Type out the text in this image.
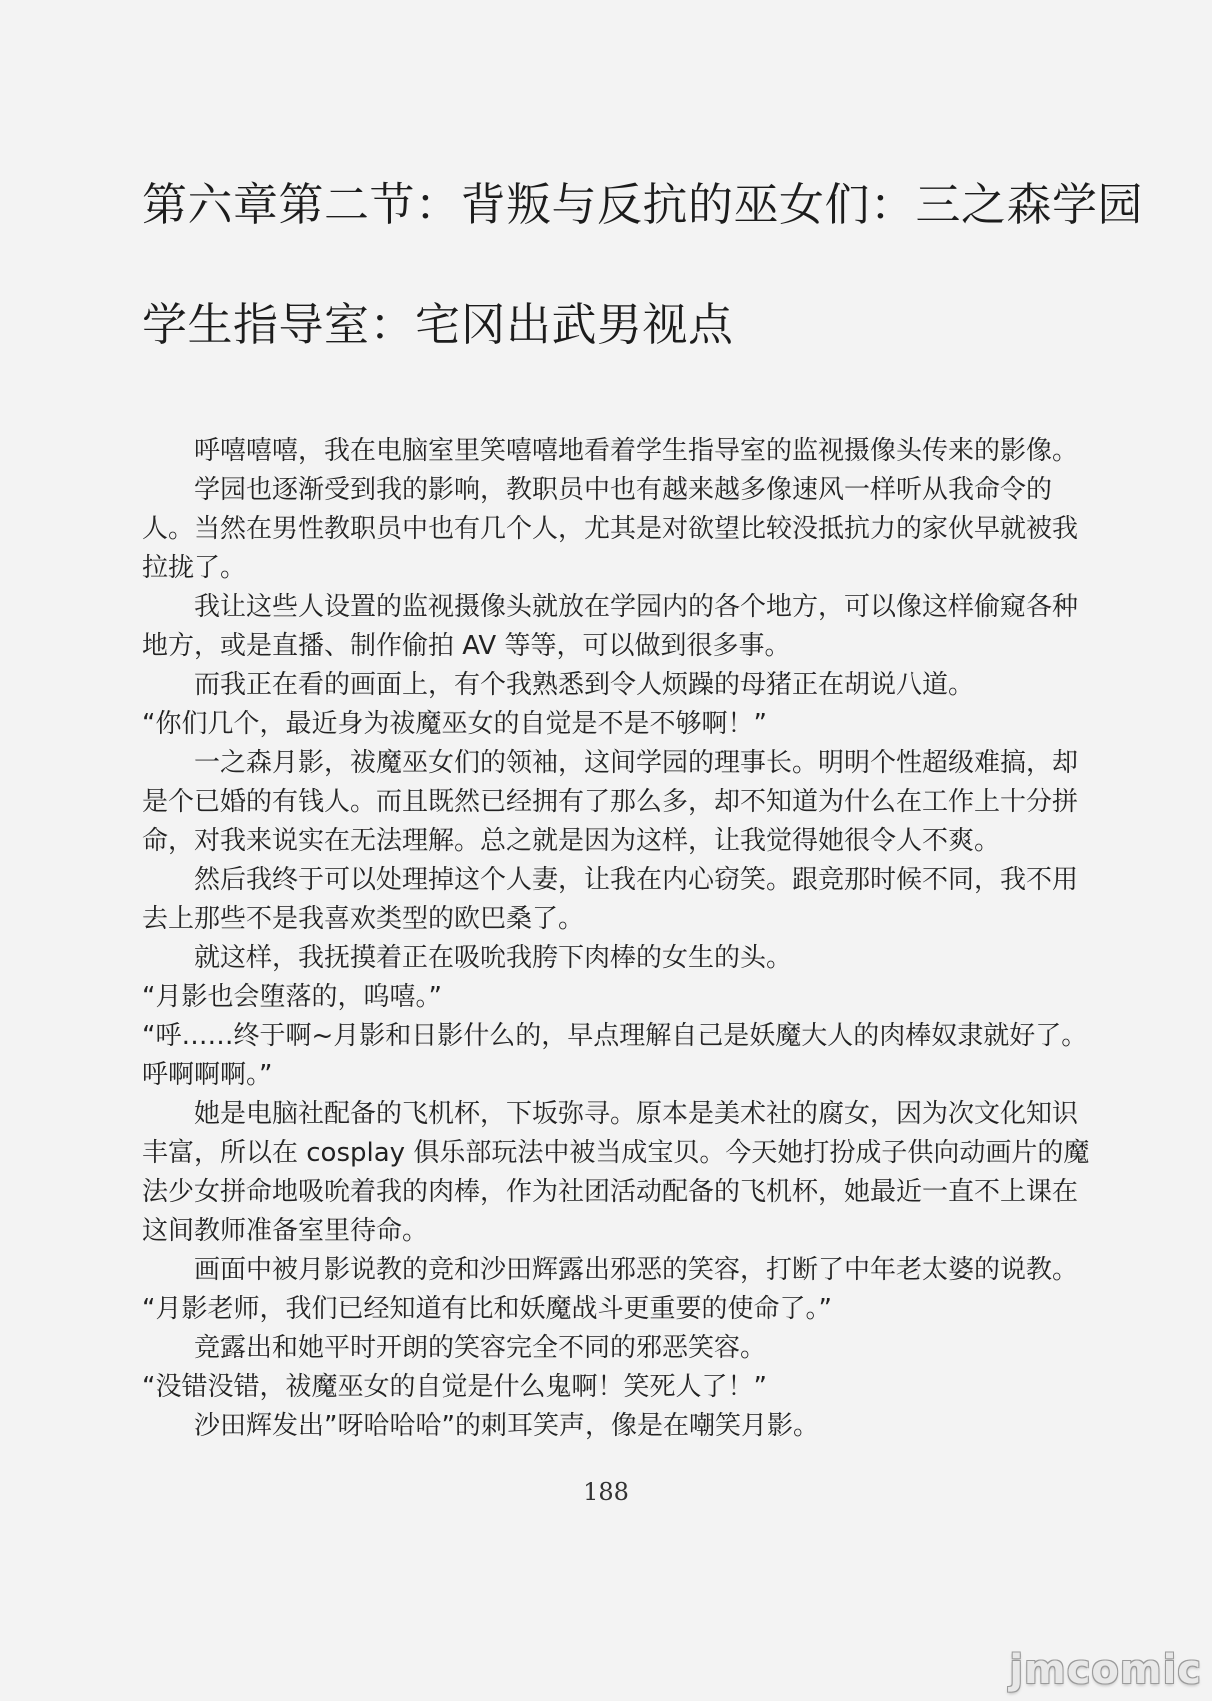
第六章第二节：背叛与反抗的巫女们：三之森学园
学生指导室：宅冈出武男视点

呼嘻嘻嘻，我在电脑室里笑嘻嘻地看着学生指导室的监视摄像头传来的影像。

学园也逐渐受到我的影响，教职员中也有越来越多像速风一样听从我命令的人。当然在男性教职员中也有几个人，尤其是对欲望比较没抵抗力的家伙早就被我拉拢了。

我让这些人设置的监视摄像头就放在学园内的各个地方，可以像这样偷窥各种地方，或是直播、制作偷拍 AV 等等，可以做到很多事。

而我正在看的画面上，有个我熟悉到令人烦躁的母猪正在胡说八道。

“你们几个，最近身为祓魔巫女的自觉是不是不够啊！”

一之森月影，祓魔巫女们的领袖，这间学园的理事长。明明个性超级难搞，却是个已婚的有钱人。而且既然已经拥有了那么多，却不知道为什么在工作上十分拼命，对我来说实在无法理解。总之就是因为这样，让我觉得她很令人不爽。

然后我终于可以处理掉这个人妻，让我在内心窃笑。跟竞那时候不同，我不用去上那些不是我喜欢类型的欧巴桑了。

就这样，我抚摸着正在吸吮我胯下肉棒的女生的头。

“月影也会堕落的，呜嘻。”

“呼……终于啊~月影和日影什么的，早点理解自己是妖魔大人的肉棒奴隶就好了。呼啊啊啊。”

她是电脑社配备的飞机杯，下坂弥寻。原本是美术社的腐女，因为次文化知识丰富，所以在 cosplay 俱乐部玩法中被当成宝贝。今天她打扮成子供向动画片的魔法少女拼命地吸吮着我的肉棒，作为社团活动配备的飞机杯，她最近一直不上课在这间教师准备室里待命。

画面中被月影说教的竞和沙田辉露出邪恶的笑容，打断了中年老太婆的说教。

“月影老师，我们已经知道有比和妖魔战斗更重要的使命了。”

竞露出和她平时开朗的笑容完全不同的邪恶笑容。

“没错没错，祓魔巫女的自觉是什么鬼啊！笑死人了！”

沙田辉发出”呀哈哈哈”的刺耳笑声，像是在嘲笑月影。

188
jmcomic
